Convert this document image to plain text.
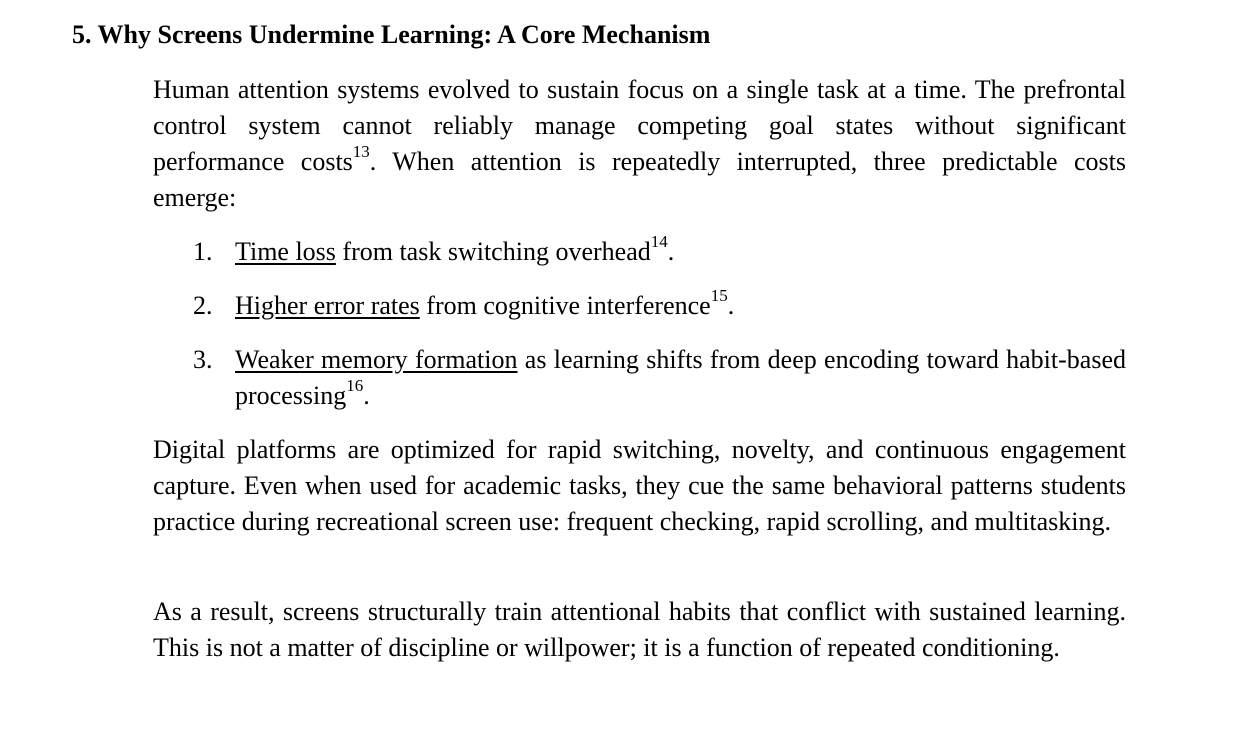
5. Why Screens Undermine Learning: A Core Mechanism

Human attention systems evolved to sustain focus on a single task at a time. The prefrontal control system cannot reliably manage competing goal states without significant performance costs$^{13}$. When attention is repeatedly interrupted, three predictable costs emerge:

1. Time loss from task switching overhead$^{14}$.
2. Higher error rates from cognitive interference$^{15}$.
3. Weaker memory formation as learning shifts from deep encoding toward habit-based processing$^{16}$.

Digital platforms are optimized for rapid switching, novelty, and continuous engagement capture. Even when used for academic tasks, they cue the same behavioral patterns students practice during recreational screen use: frequent checking, rapid scrolling, and multitasking.

As a result, screens structurally train attentional habits that conflict with sustained learning. This is not a matter of discipline or willpower; it is a function of repeated conditioning.
